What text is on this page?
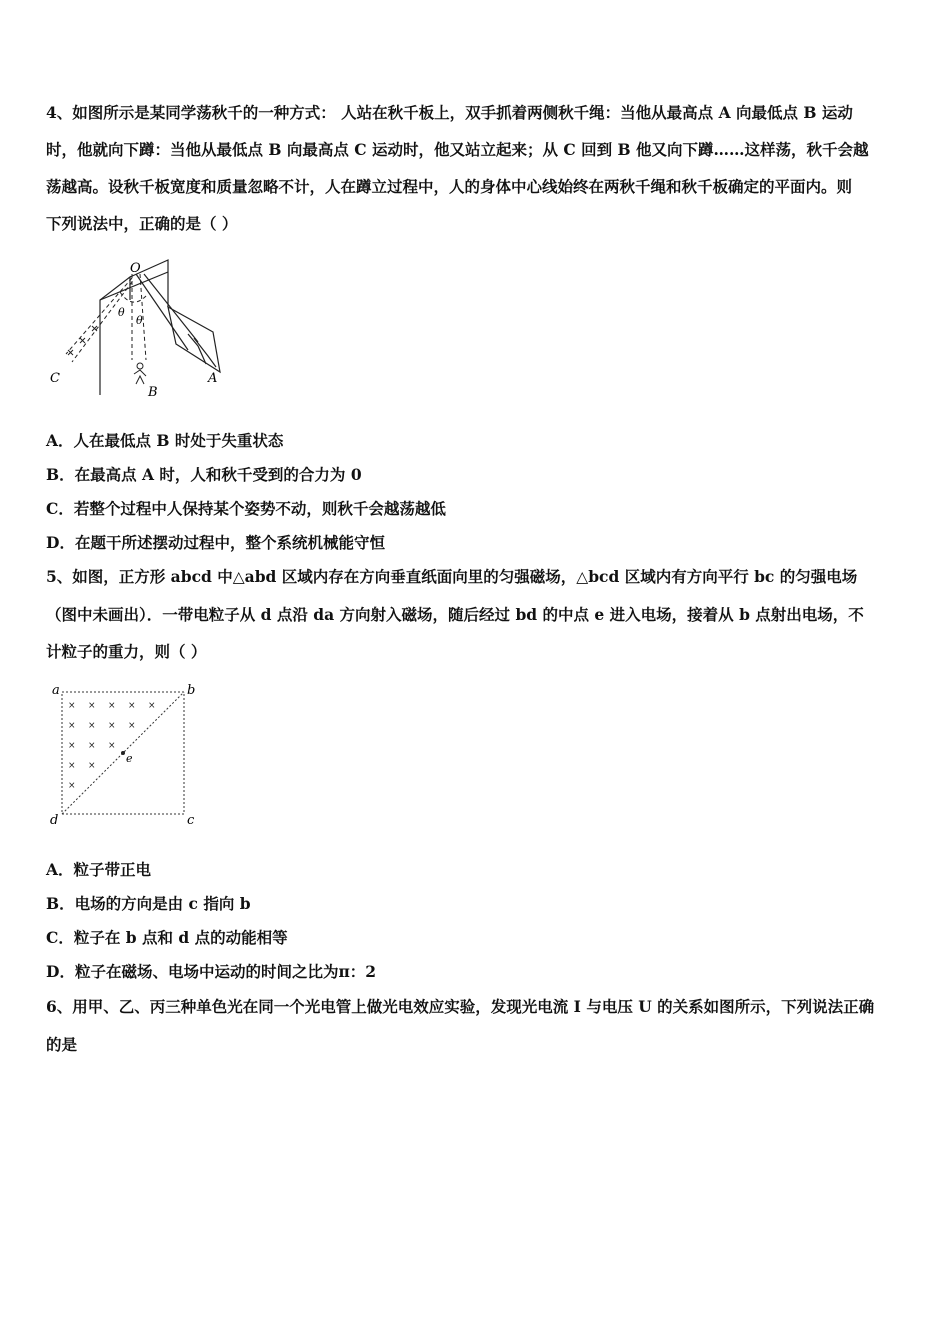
4、如图所示是某同学荡秋千的一种方式： 人站在秋千板上，双手抓着两侧秋千绳：当他从最高点 A 向最低点 B 运动
时，他就向下蹲：当他从最低点 B 向最高点 C 运动时，他又站立起来；从 C 回到 B 他又向下蹲……这样荡，秋千会越
荡越高。设秋千板宽度和质量忽略不计，人在蹲立过程中，人的身体中心线始终在两秋千绳和秋千板确定的平面内。则
下列说法中，正确的是（ ）
O
θ
θ
A
B
C
A．人在最低点 B 时处于失重状态
B．在最高点 A 时，人和秋千受到的合力为 0
C．若整个过程中人保持某个姿势不动，则秋千会越荡越低
D．在题干所述摆动过程中，整个系统机械能守恒
5、如图，正方形 abcd 中△abd 区域内存在方向垂直纸面向里的匀强磁场，△bcd 区域内有方向平行 bc 的匀强电场
（图中未画出）．一带电粒子从 d 点沿 da 方向射入磁场，随后经过 bd 的中点 e 进入电场，接着从 b 点射出电场，不
计粒子的重力，则（ ）
× × × × ×
× × × ×
× × ×
× ×
×
a	b
c
d
e
A．粒子带正电
B．电场的方向是由 c 指向 b
C．粒子在 b 点和 d 点的动能相等
D．粒子在磁场、电场中运动的时间之比为π：2
6、用甲、乙、丙三种单色光在同一个光电管上做光电效应实验，发现光电流 I 与电压 U 的关系如图所示，下列说法正确
的是
